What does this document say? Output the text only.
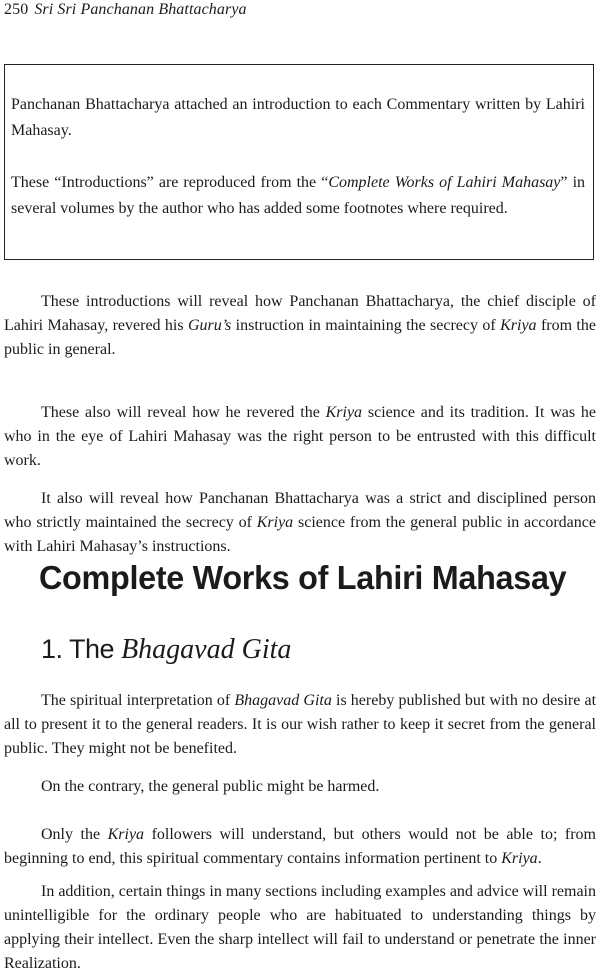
250 Sri Sri Panchanan Bhattacharya

Panchanan Bhattacharya attached an introduction to each Commentary written by Lahiri Mahasay.

These “Introductions” are reproduced from the “Complete Works of Lahiri Mahasay” in several volumes by the author who has added some footnotes where required.

These introductions will reveal how Panchanan Bhattacharya, the chief disciple of Lahiri Mahasay, revered his Guru’s instruction in maintaining the secrecy of Kriya from the public in general.

These also will reveal how he revered the Kriya science and its tradition. It was he who in the eye of Lahiri Mahasay was the right person to be entrusted with this difficult work.

It also will reveal how Panchanan Bhattacharya was a strict and disciplined person who strictly maintained the secrecy of Kriya science from the general public in accordance with Lahiri Mahasay’s instructions.

Complete Works of Lahiri Mahasay
1. The Bhagavad Gita

The spiritual interpretation of Bhagavad Gita is hereby published but with no desire at all to present it to the general readers. It is our wish rather to keep it secret from the general public. They might not be benefited.

On the contrary, the general public might be harmed.

Only the Kriya followers will understand, but others would not be able to; from beginning to end, this spiritual commentary contains information pertinent to Kriya.

In addition, certain things in many sections including examples and advice will remain unintelligible for the ordinary people who are habituated to understanding things by applying their intellect. Even the sharp intellect will fail to understand or penetrate the inner Realization.
